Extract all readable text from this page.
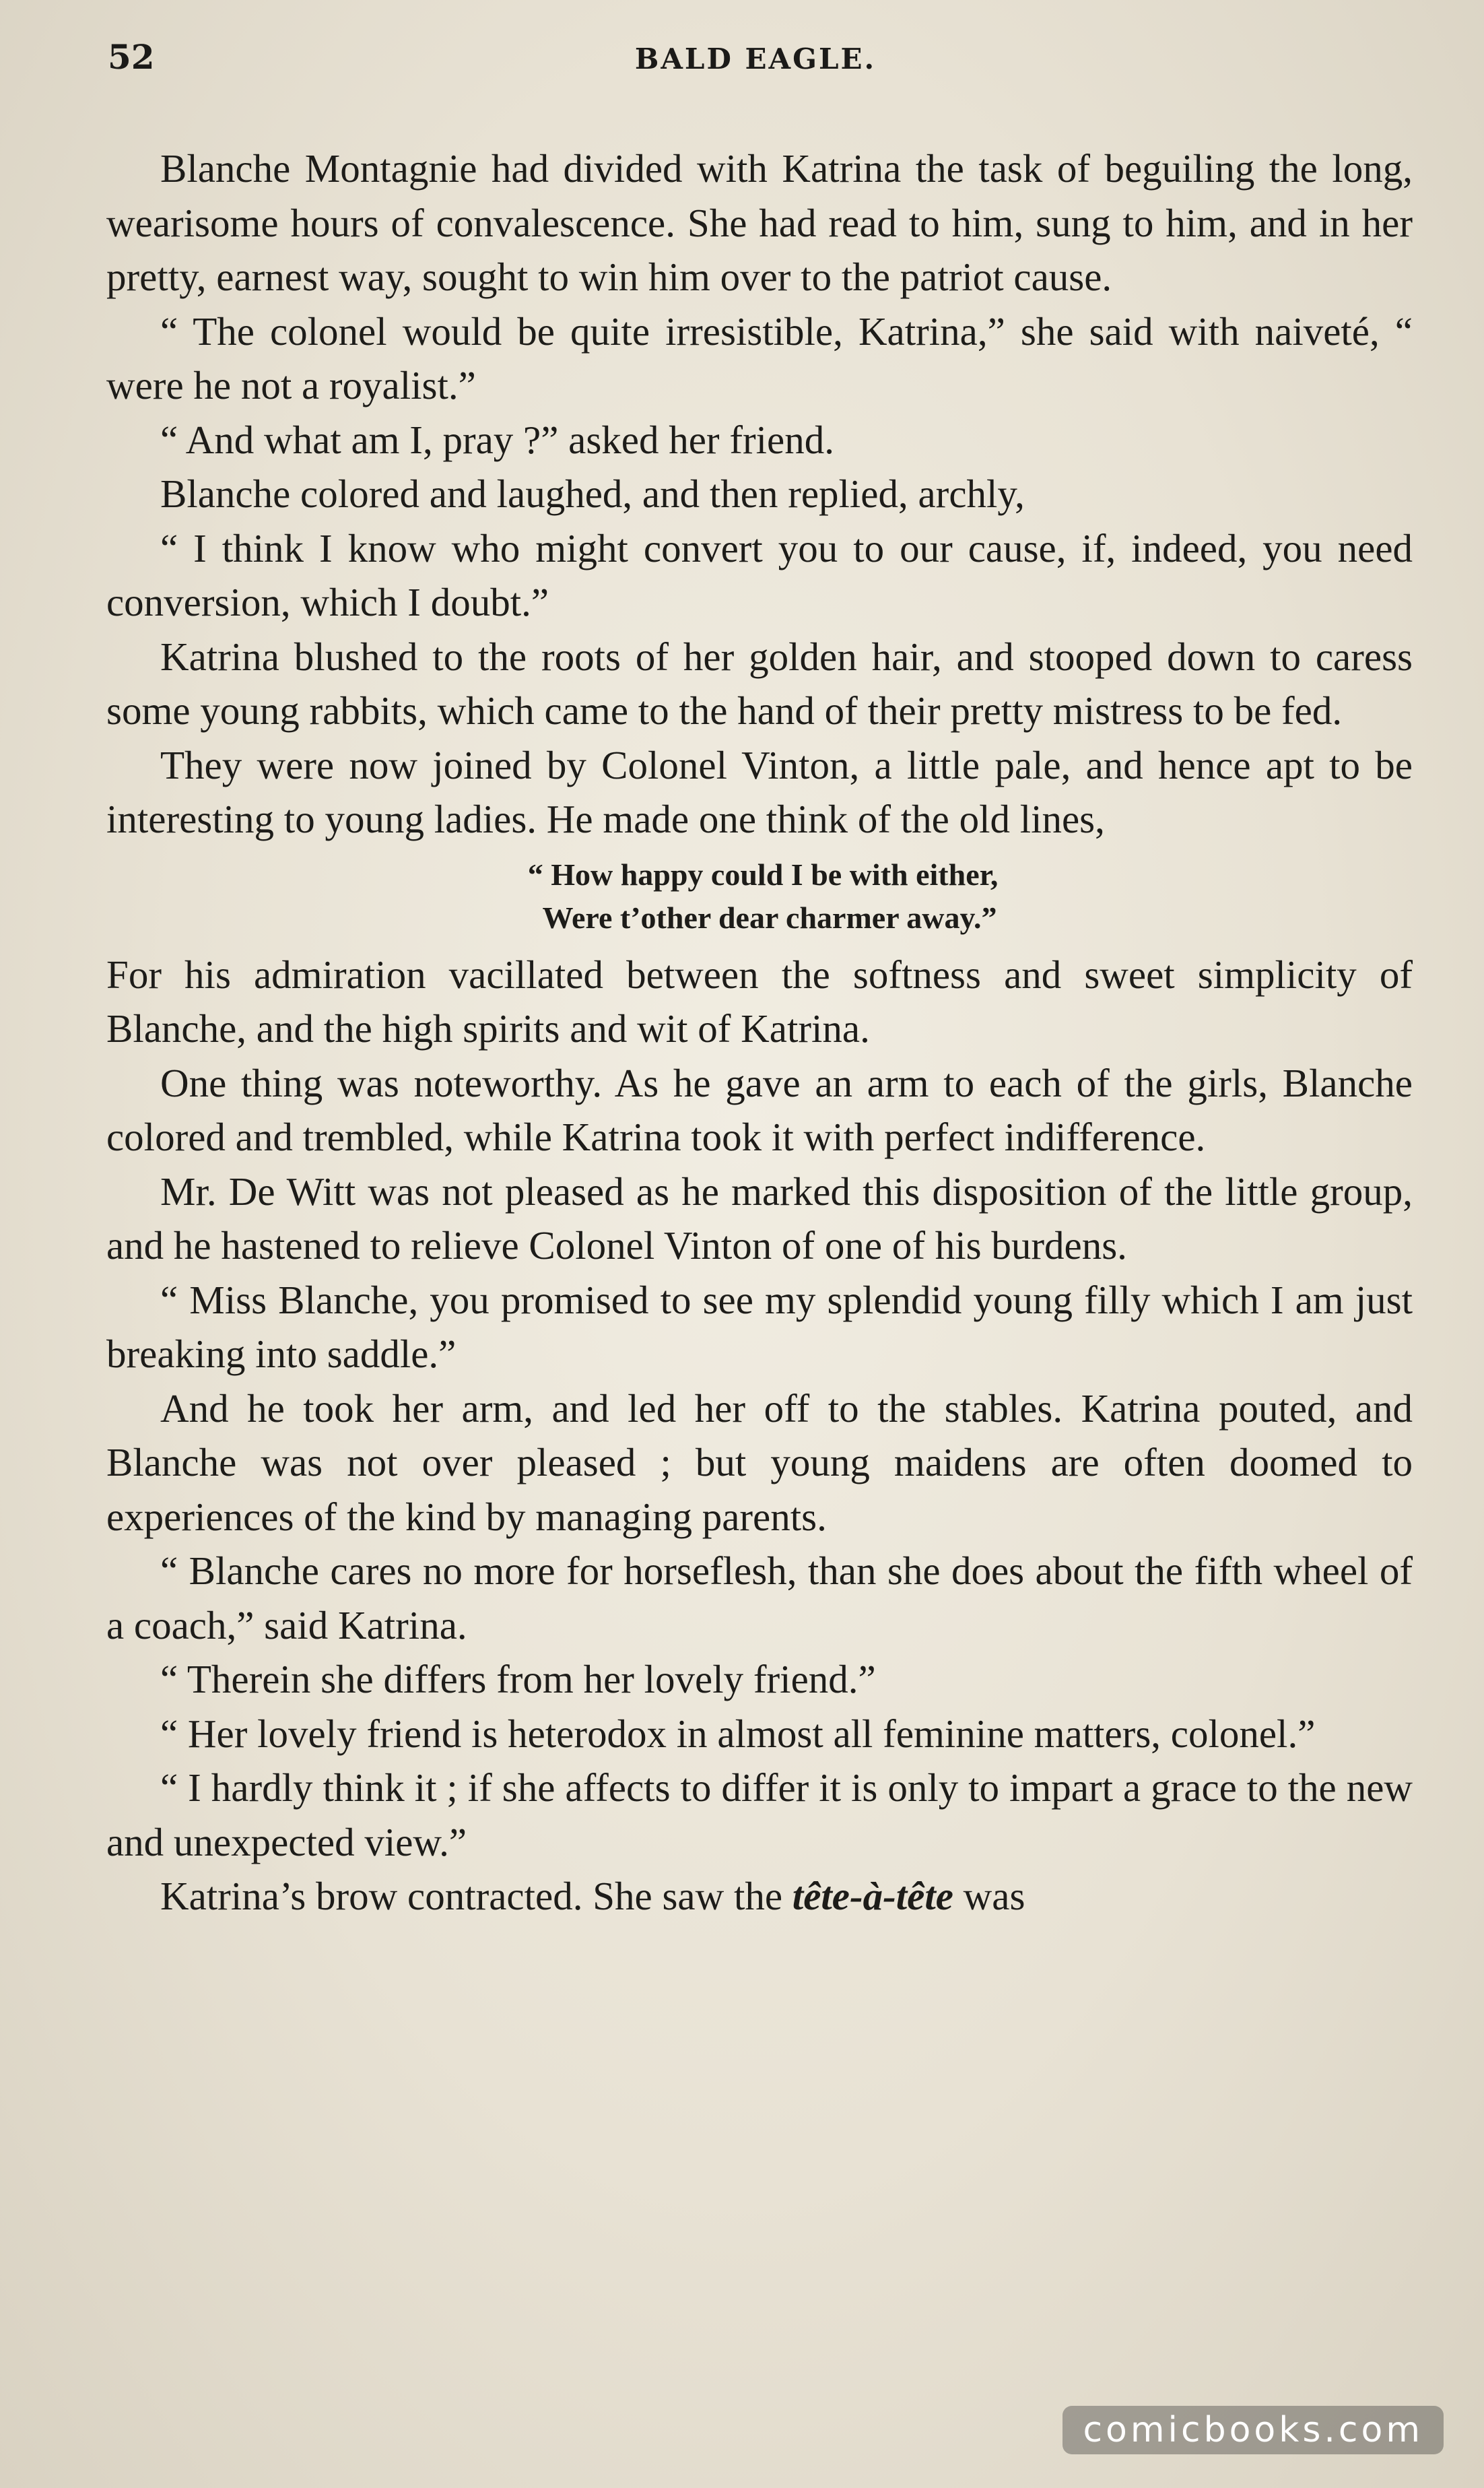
52	BALD EAGLE.

Blanche Montagnie had divided with Katrina the task of beguiling the long, wearisome hours of convalescence. She had read to him, sung to him, and in her pretty, earnest way, sought to win him over to the patriot cause.

“ The colonel would be quite irresistible, Katrina,” she said with naiveté, “ were he not a royalist.”

“ And what am I, pray ?” asked her friend.

Blanche colored and laughed, and then replied, archly,

“ I think I know who might convert you to our cause, if, indeed, you need conversion, which I doubt.”

Katrina blushed to the roots of her golden hair, and stooped down to caress some young rabbits, which came to the hand of their pretty mistress to be fed.

They were now joined by Colonel Vinton, a little pale, and hence apt to be interesting to young ladies. He made one think of the old lines,

“ How happy could I be with either,
Were t’other dear charmer away.”

For his admiration vacillated between the softness and sweet simplicity of Blanche, and the high spirits and wit of Katrina.

One thing was noteworthy. As he gave an arm to each of the girls, Blanche colored and trembled, while Katrina took it with perfect indifference.

Mr. De Witt was not pleased as he marked this disposition of the little group, and he hastened to relieve Colonel Vinton of one of his burdens.

“ Miss Blanche, you promised to see my splendid young filly which I am just breaking into saddle.”

And he took her arm, and led her off to the stables. Katrina pouted, and Blanche was not over pleased ; but young maidens are often doomed to experiences of the kind by managing parents.

“ Blanche cares no more for horseflesh, than she does about the fifth wheel of a coach,” said Katrina.

“ Therein she differs from her lovely friend.”

“ Her lovely friend is heterodox in almost all feminine matters, colonel.”

“ I hardly think it ; if she affects to differ it is only to impart a grace to the new and unexpected view.”

Katrina’s brow contracted. She saw the tête-à-tête was

comicbooks.com
